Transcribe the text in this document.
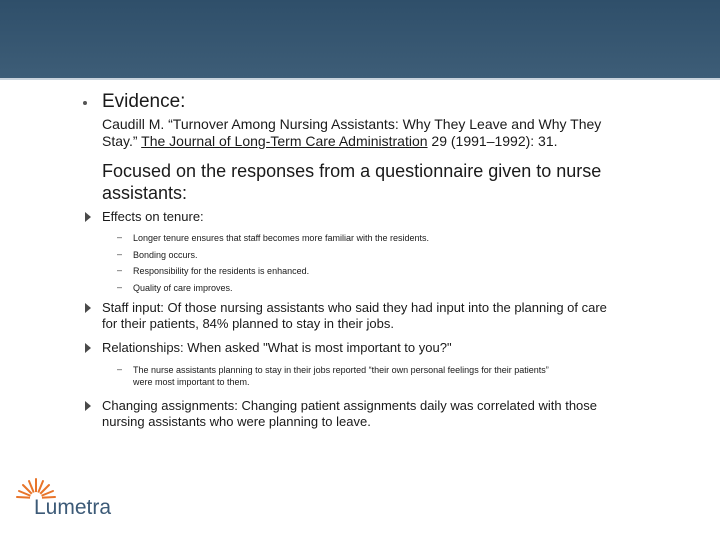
Evidence:
Caudill M. “Turnover Among Nursing Assistants: Why They Leave and Why They
Stay.” The Journal of Long-Term Care Administration 29 (1991–1992): 31.
Focused on the responses from a questionnaire given to nurse
assistants:
Effects on tenure:
– Longer tenure ensures that staff becomes more familiar with the residents.
– Bonding occurs.
– Responsibility for the residents is enhanced.
– Quality of care improves.
Staff input: Of those nursing assistants who said they had input into the planning of care
for their patients, 84% planned to stay in their jobs.
Relationships: When asked "What is most important to you?"
– The nurse assistants planning to stay in their jobs reported “their own personal feelings for their patients”
were most important to them.
Changing assignments: Changing patient assignments daily was correlated with those
nursing assistants who were planning to leave.
Lumetra
